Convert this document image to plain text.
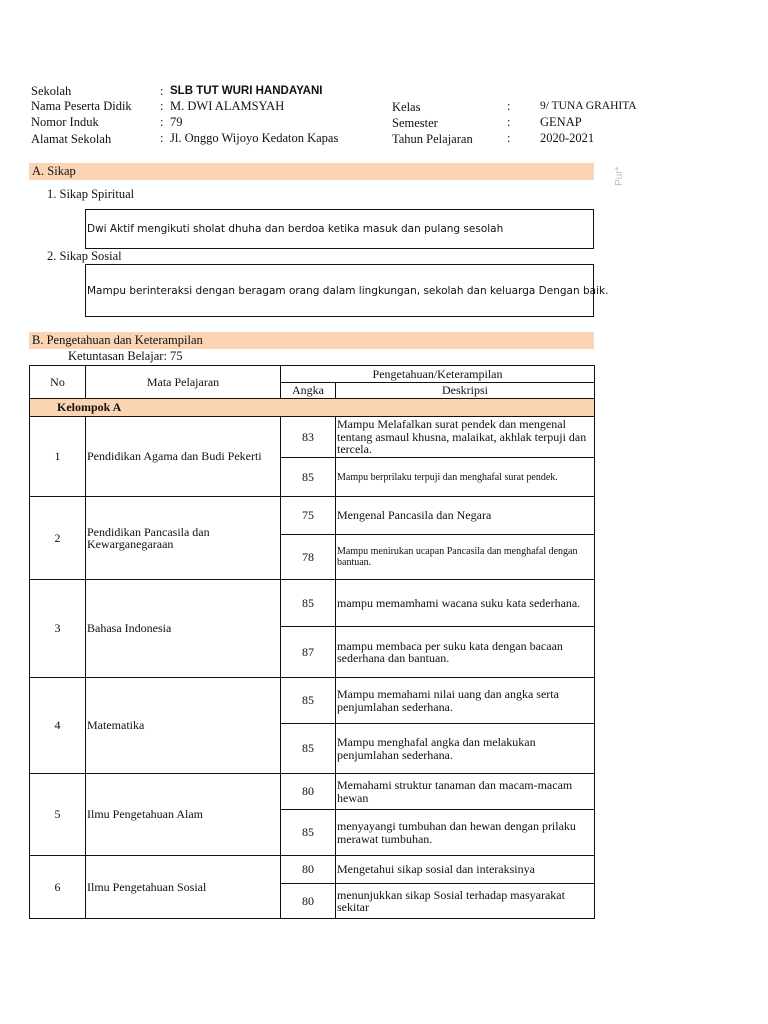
Sekolah	: SLB TUT WURI HANDAYANI
Nama Peserta Didik : M. DWI ALAMSYAH
Nomor Induk	: 79
Alamat Sekolah	: Jl. Onggo Wijoyo Kedaton Kapas
Kelas	:	9/ TUNA GRAHITA
Semester	: GENAP
Tahun Pelajaran	: 2020-2021
A. Sikap	Pur*
1. Sikap Spiritual
Dwi Aktif mengikuti sholat dhuha dan berdoa ketika masuk dan pulang sesolah
2. Sikap Sosial
Mampu berinteraksi dengan beragam orang dalam lingkungan, sekolah dan keluarga Dengan baik.
B. Pengetahuan dan Keterampilan
Ketuntasan Belajar: 75
No	Mata Pelajaran	Pengetahuan/Keterampilan	
		Angka	Deskripsi
Kelompok A			
1	Pendidikan Agama dan Budi Pekerti	83	Mampu Melafalkan surat pendek dan mengenal tentang asmaul khusna, malaikat, akhlak terpuji dan tercela.
		85	Mampu berprilaku terpuji dan menghafal surat pendek.
2	Pendidikan Pancasila dan Kewarganegaraan	75	Mengenal Pancasila dan Negara
		78	Mampu menirukan ucapan Pancasila dan menghafal dengan bantuan.
3	Bahasa Indonesia	85	mampu memamhami wacana suku kata sederhana.
		87	mampu membaca per suku kata dengan bacaan sederhana dan bantuan.
4	Matematika	85	Mampu memahami nilai uang dan angka serta penjumlahan sederhana.
		85	Mampu menghafal angka dan melakukan penjumlahan sederhana.
5	Ilmu Pengetahuan Alam	80	Memahami struktur tanaman dan macam-macam hewan
		85	menyayangi tumbuhan dan hewan dengan prilaku merawat tumbuhan.
6	Ilmu Pengetahuan Sosial	80	Mengetahui sikap sosial dan interaksinya
		80	menunjukkan sikap Sosial terhadap masyarakat sekitar
